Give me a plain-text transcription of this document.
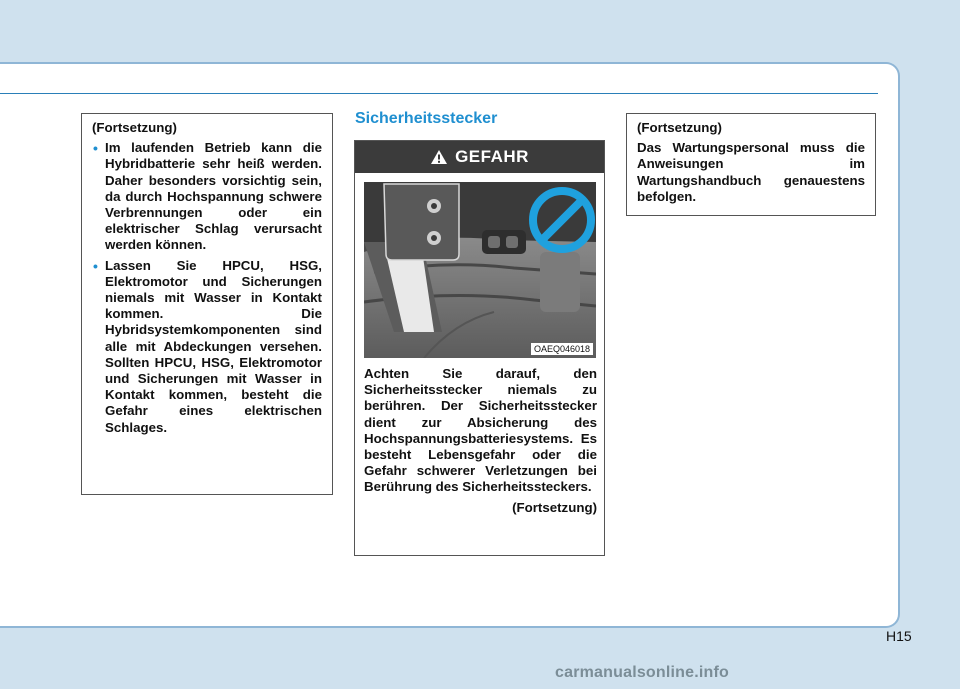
(Fortsetzung)
• Im laufenden Betrieb kann die Hybridbatterie sehr heiß werden. Daher besonders vorsichtig sein, da durch Hochspannung schwere Verbrennungen oder ein elektrischer Schlag verursacht werden können.
• Lassen Sie HPCU, HSG, Elektromotor und Sicherungen niemals mit Wasser in Kontakt kommen. Die Hybridsystemkomponenten sind alle mit Abdeckungen versehen. Sollten HPCU, HSG, Elektromotor und Sicherungen mit Wasser in Kontakt kommen, besteht die Gefahr eines elektrischen Schlages.
Sicherheitsstecker
GEFAHR
OAEQ046018
Achten Sie darauf, den Sicherheitsstecker niemals zu berühren. Der Sicherheitsstecker dient zur Absicherung des Hochspannungsbatteriesystems. Es besteht Lebensgefahr oder die Gefahr schwerer Verletzungen bei Berührung des Sicherheitssteckers.
(Fortsetzung)
(Fortsetzung)
Das Wartungspersonal muss die Anweisungen im Wartungshandbuch genauestens befolgen.
H15
carmanualsonline.info
